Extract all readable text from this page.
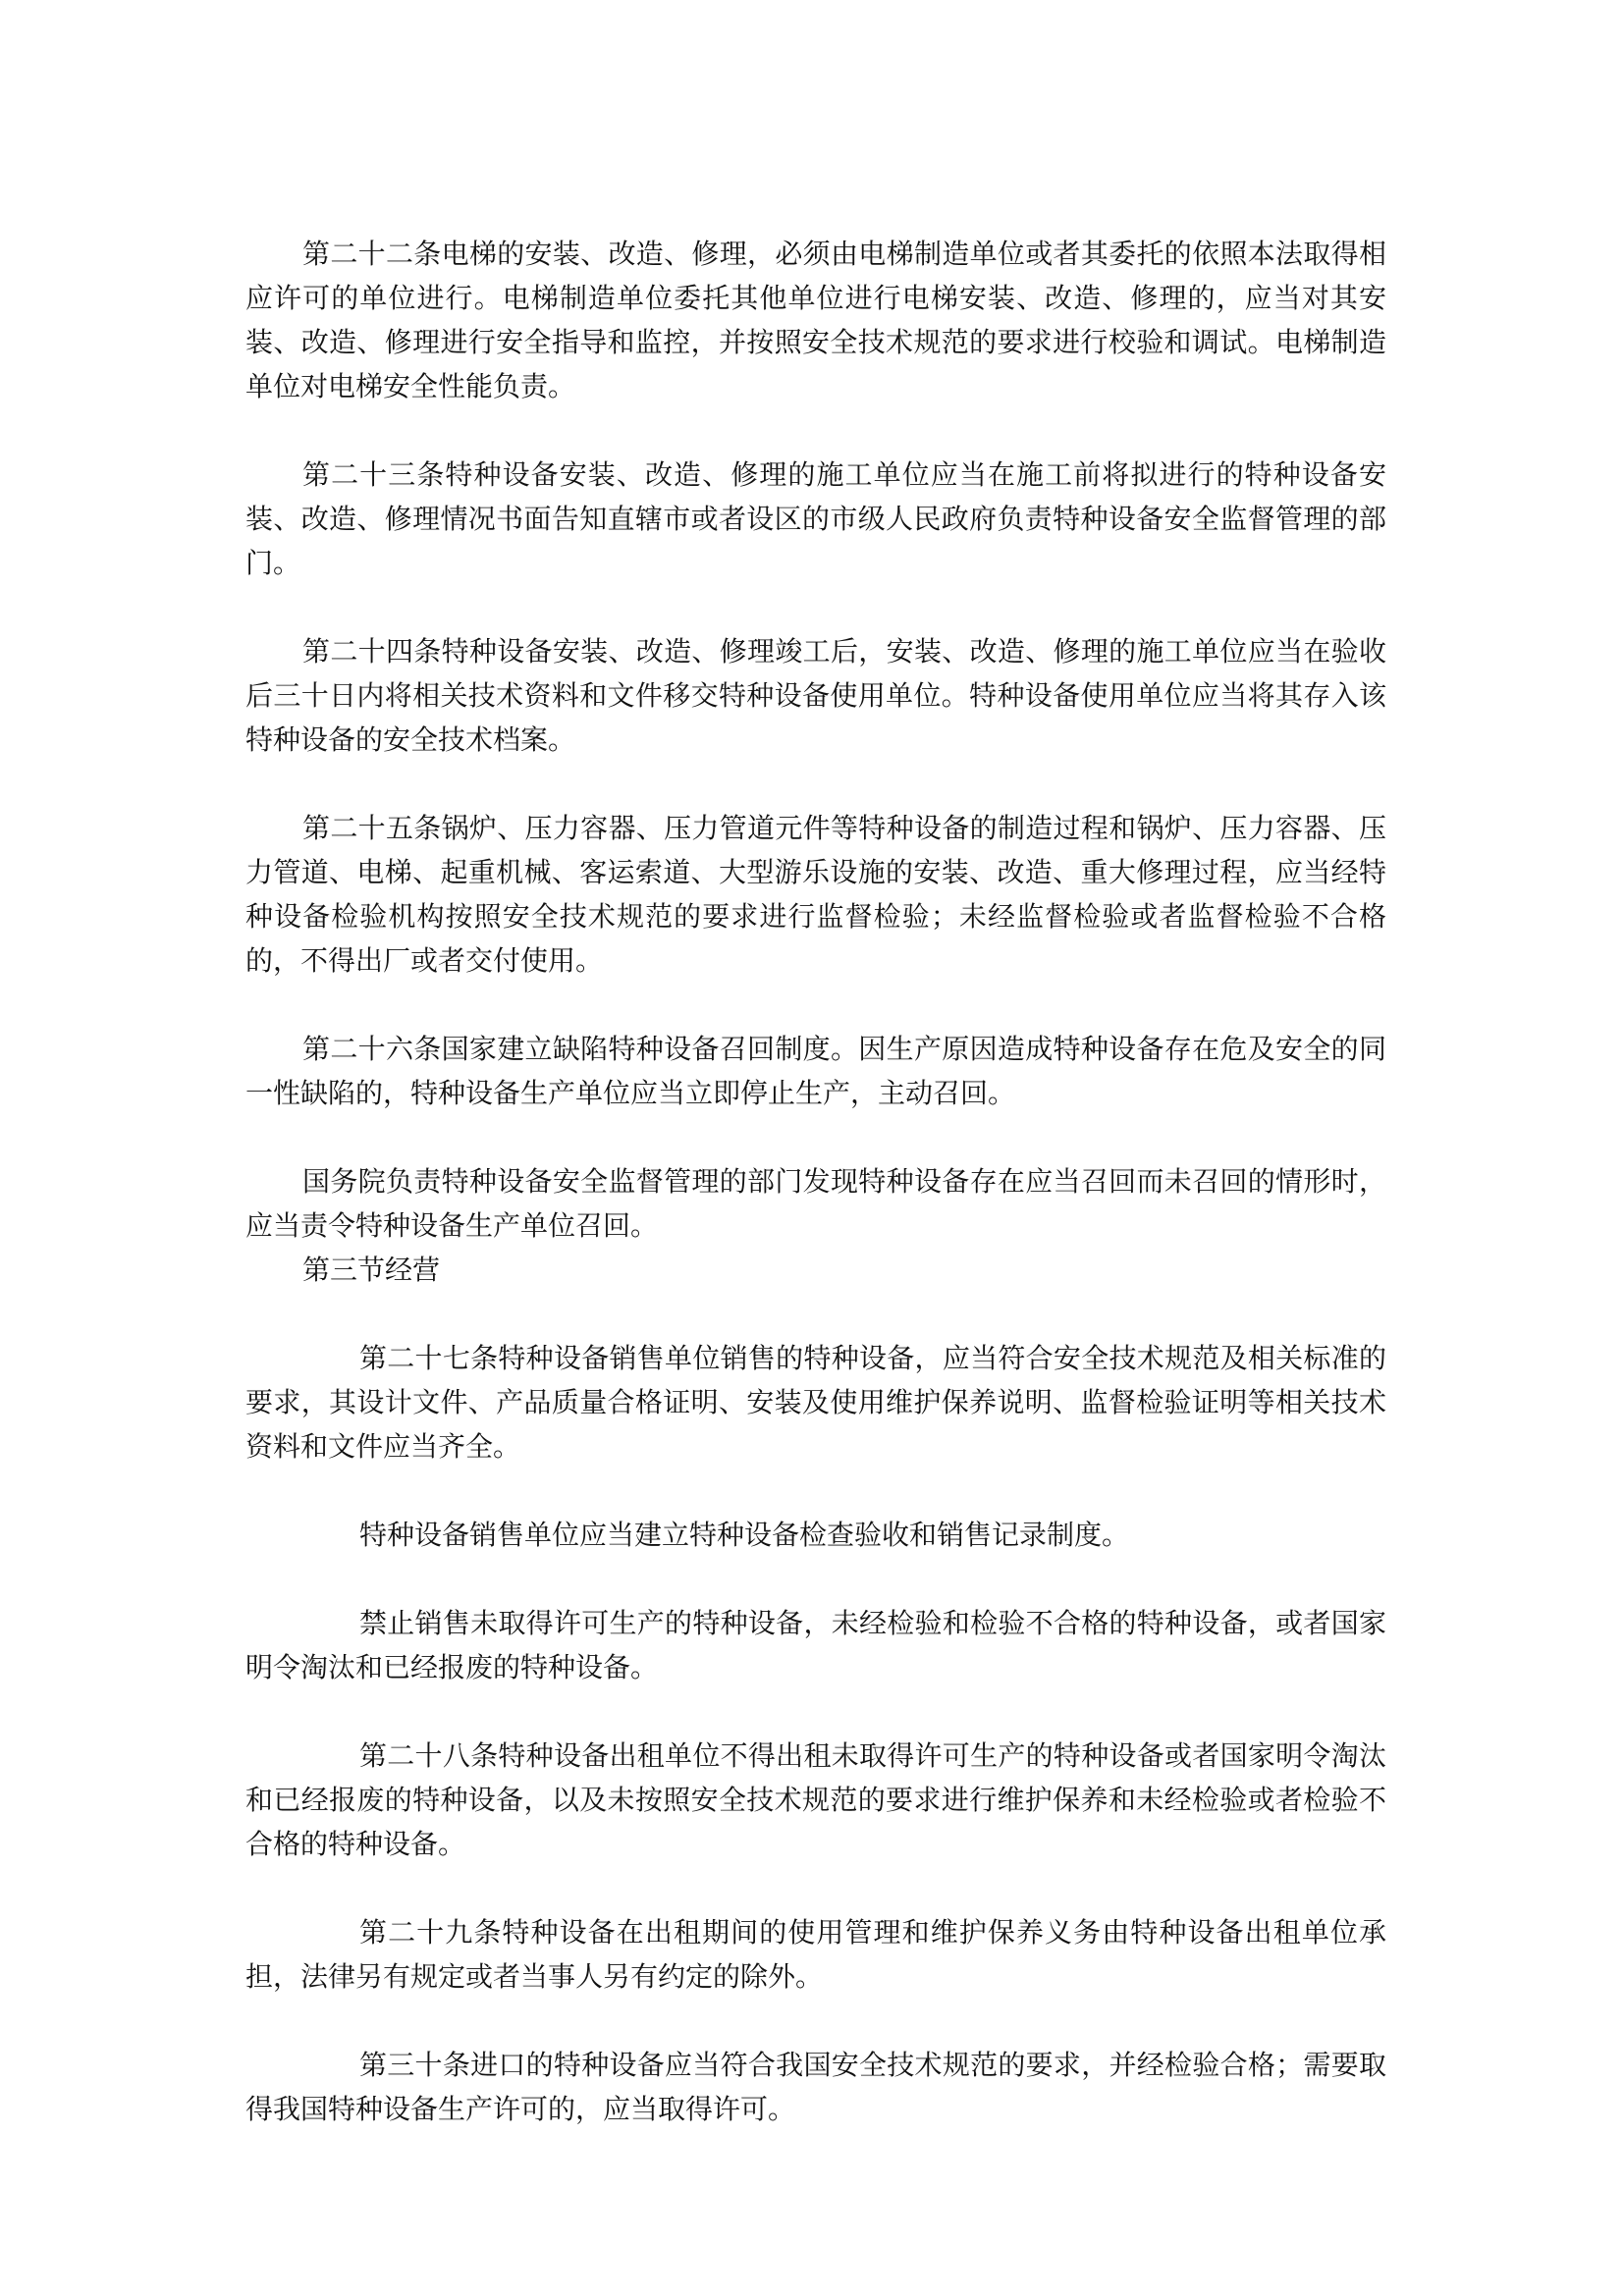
第二十二条电梯的安装、改造、修理，必须由电梯制造单位或者其委托的依照本法取得相应许可的单位进行。电梯制造单位委托其他单位进行电梯安装、改造、修理的，应当对其安装、改造、修理进行安全指导和监控，并按照安全技术规范的要求进行校验和调试。电梯制造单位对电梯安全性能负责。

第二十三条特种设备安装、改造、修理的施工单位应当在施工前将拟进行的特种设备安装、改造、修理情况书面告知直辖市或者设区的市级人民政府负责特种设备安全监督管理的部门。

第二十四条特种设备安装、改造、修理竣工后，安装、改造、修理的施工单位应当在验收后三十日内将相关技术资料和文件移交特种设备使用单位。特种设备使用单位应当将其存入该特种设备的安全技术档案。

第二十五条锅炉、压力容器、压力管道元件等特种设备的制造过程和锅炉、压力容器、压力管道、电梯、起重机械、客运索道、大型游乐设施的安装、改造、重大修理过程，应当经特种设备检验机构按照安全技术规范的要求进行监督检验；未经监督检验或者监督检验不合格的，不得出厂或者交付使用。

第二十六条国家建立缺陷特种设备召回制度。因生产原因造成特种设备存在危及安全的同一性缺陷的，特种设备生产单位应当立即停止生产，主动召回。

国务院负责特种设备安全监督管理的部门发现特种设备存在应当召回而未召回的情形时，应当责令特种设备生产单位召回。

第三节经营

第二十七条特种设备销售单位销售的特种设备，应当符合安全技术规范及相关标准的要求，其设计文件、产品质量合格证明、安装及使用维护保养说明、监督检验证明等相关技术资料和文件应当齐全。

特种设备销售单位应当建立特种设备检查验收和销售记录制度。

禁止销售未取得许可生产的特种设备，未经检验和检验不合格的特种设备，或者国家明令淘汰和已经报废的特种设备。

第二十八条特种设备出租单位不得出租未取得许可生产的特种设备或者国家明令淘汰和已经报废的特种设备，以及未按照安全技术规范的要求进行维护保养和未经检验或者检验不合格的特种设备。

第二十九条特种设备在出租期间的使用管理和维护保养义务由特种设备出租单位承担，法律另有规定或者当事人另有约定的除外。

第三十条进口的特种设备应当符合我国安全技术规范的要求，并经检验合格；需要取得我国特种设备生产许可的，应当取得许可。
